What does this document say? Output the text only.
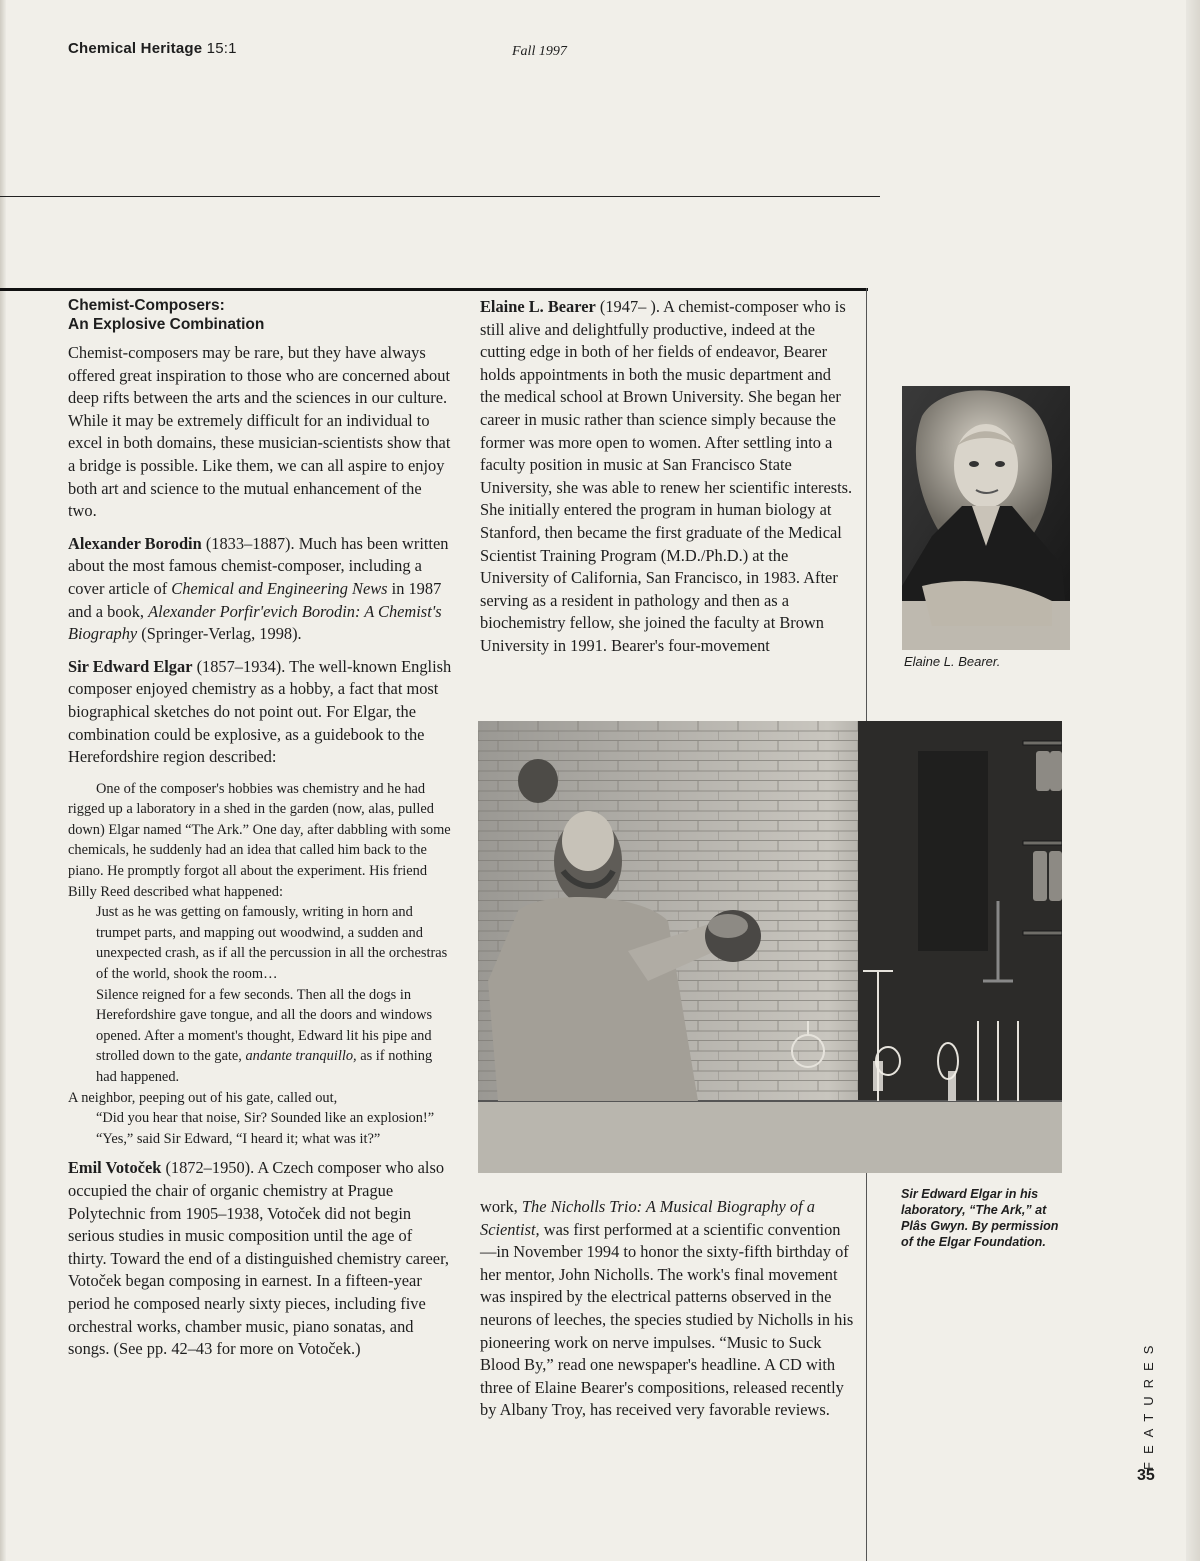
Chemical Heritage 15:1	Fall 1997
Chemist-Composers:
An Explosive Combination

Chemist-composers may be rare, but they have always offered great inspiration to those who are concerned about deep rifts between the arts and the sciences in our culture. While it may be extremely difficult for an individual to excel in both domains, these musician-scientists show that a bridge is possible. Like them, we can all aspire to enjoy both art and science to the mutual enhancement of the two.

Alexander Borodin (1833–1887). Much has been written about the most famous chemist-composer, including a cover article of Chemical and Engineering News in 1987 and a book, Alexander Porfir'evich Borodin: A Chemist's Biography (Springer-Verlag, 1998).

Sir Edward Elgar (1857–1934). The well-known English composer enjoyed chemistry as a hobby, a fact that most biographical sketches do not point out. For Elgar, the combination could be explosive, as a guidebook to the Herefordshire region described:

One of the composer's hobbies was chemistry and he had rigged up a laboratory in a shed in the garden (now, alas, pulled down) Elgar named “The Ark.” One day, after dabbling with some chemicals, he suddenly had an idea that called him back to the piano. He promptly forgot all about the experiment. His friend Billy Reed described what happened:

Just as he was getting on famously, writing in horn and trumpet parts, and mapping out woodwind, a sudden and unexpected crash, as if all the percussion in all the orchestras of the world, shook the room…

Silence reigned for a few seconds. Then all the dogs in Herefordshire gave tongue, and all the doors and windows opened. After a moment's thought, Edward lit his pipe and strolled down to the gate, andante tranquillo, as if nothing had happened.

A neighbor, peeping out of his gate, called out,

“Did you hear that noise, Sir? Sounded like an explosion!”

“Yes,” said Sir Edward, “I heard it; what was it?”

Emil Votoček (1872–1950). A Czech composer who also occupied the chair of organic chemistry at Prague Polytechnic from 1905–1938, Votoček did not begin serious studies in music composition until the age of thirty. Toward the end of a distinguished chemistry career, Votoček began composing in earnest. In a fifteen-year period he composed nearly sixty pieces, including five orchestral works, chamber music, piano sonatas, and songs. (See pp. 42–43 for more on Votoček.)

Elaine L. Bearer (1947– ). A chemist-composer who is still alive and delightfully productive, indeed at the cutting edge in both of her fields of endeavor, Bearer holds appointments in both the music department and the medical school at Brown University. She began her career in music rather than science simply because the former was more open to women. After settling into a faculty position in music at San Francisco State University, she was able to renew her scientific interests. She initially entered the program in human biology at Stanford, then became the first graduate of the Medical Scientist Training Program (M.D./Ph.D.) at the University of California, San Francisco, in 1983. After serving as a resident in pathology and then as a biochemistry fellow, she joined the faculty at Brown University in 1991. Bearer's four-movement

Elaine L. Bearer.
Sir Edward Elgar in his laboratory, “The Ark,” at Plâs Gwyn. By permission of the Elgar Foundation.

work, The Nicholls Trio: A Musical Biography of a Scientist, was first performed at a scientific convention—in November 1994 to honor the sixty-fifth birthday of her mentor, John Nicholls. The work's final movement was inspired by the electrical patterns observed in the neurons of leeches, the species studied by Nicholls in his pioneering work on nerve impulses. “Music to Suck Blood By,” read one newspaper's headline. A CD with three of Elaine Bearer's compositions, released recently by Albany Troy, has received very favorable reviews.	FEATURES
35
